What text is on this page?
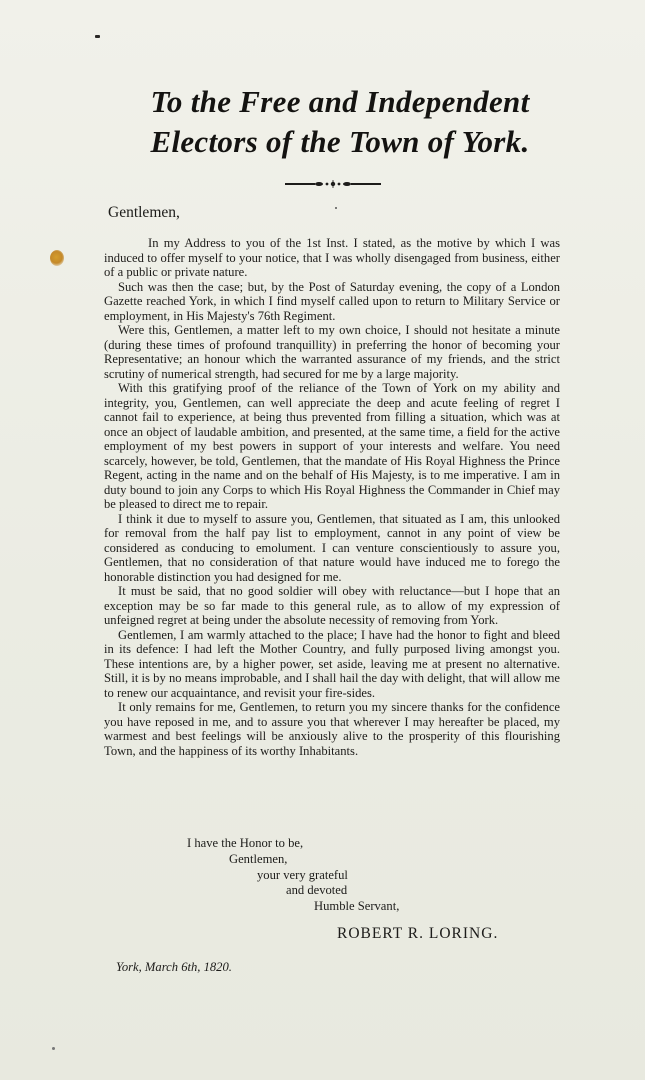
To the Free and Independent
Electors of the Town of York.
Gentlemen,

In my Address to you of the 1st Inst. I stated, as the motive by which I was induced to offer myself to your notice, that I was wholly disengaged from business, either of a public or private nature.

Such was then the case; but, by the Post of Saturday evening, the copy of a London Gazette reached York, in which I find myself called upon to return to Military Service or employment, in His Majesty's 76th Regiment.

Were this, Gentlemen, a matter left to my own choice, I should not hesitate a minute (during these times of profound tranquillity) in preferring the honor of becoming your Representative; an honour which the warranted assurance of my friends, and the strict scrutiny of numerical strength, had secured for me by a large majority.

With this gratifying proof of the reliance of the Town of York on my ability and integrity, you, Gentlemen, can well appreciate the deep and acute feeling of regret I cannot fail to experience, at being thus prevented from filling a situation, which was at once an object of laudable ambition, and presented, at the same time, a field for the active employment of my best powers in support of your interests and welfare. You need scarcely, however, be told, Gentlemen, that the mandate of His Royal Highness the Prince Regent, acting in the name and on the behalf of His Majesty, is to me imperative. I am in duty bound to join any Corps to which His Royal Highness the Commander in Chief may be pleased to direct me to repair.

I think it due to myself to assure you, Gentlemen, that situated as I am, this unlooked for removal from the half pay list to employment, cannot in any point of view be considered as conducing to emolument. I can venture conscientiously to assure you, Gentlemen, that no consideration of that nature would have induced me to forego the honorable distinction you had designed for me.

It must be said, that no good soldier will obey with reluctance—but I hope that an exception may be so far made to this general rule, as to allow of my expression of unfeigned regret at being under the absolute necessity of removing from York.

Gentlemen, I am warmly attached to the place; I have had the honor to fight and bleed in its defence: I had left the Mother Country, and fully purposed living amongst you. These intentions are, by a higher power, set aside, leaving me at present no alternative. Still, it is by no means improbable, and I shall hail the day with delight, that will allow me to renew our acquaintance, and revisit your fire-sides.

It only remains for me, Gentlemen, to return you my sincere thanks for the confidence you have reposed in me, and to assure you that wherever I may hereafter be placed, my warmest and best feelings will be anxiously alive to the prosperity of this flourishing Town, and the happiness of its worthy Inhabitants.

I have the Honor to be,
Gentlemen,
your very grateful
and devoted
Humble Servant,
ROBERT R. LORING.
York, March 6th, 1820.
